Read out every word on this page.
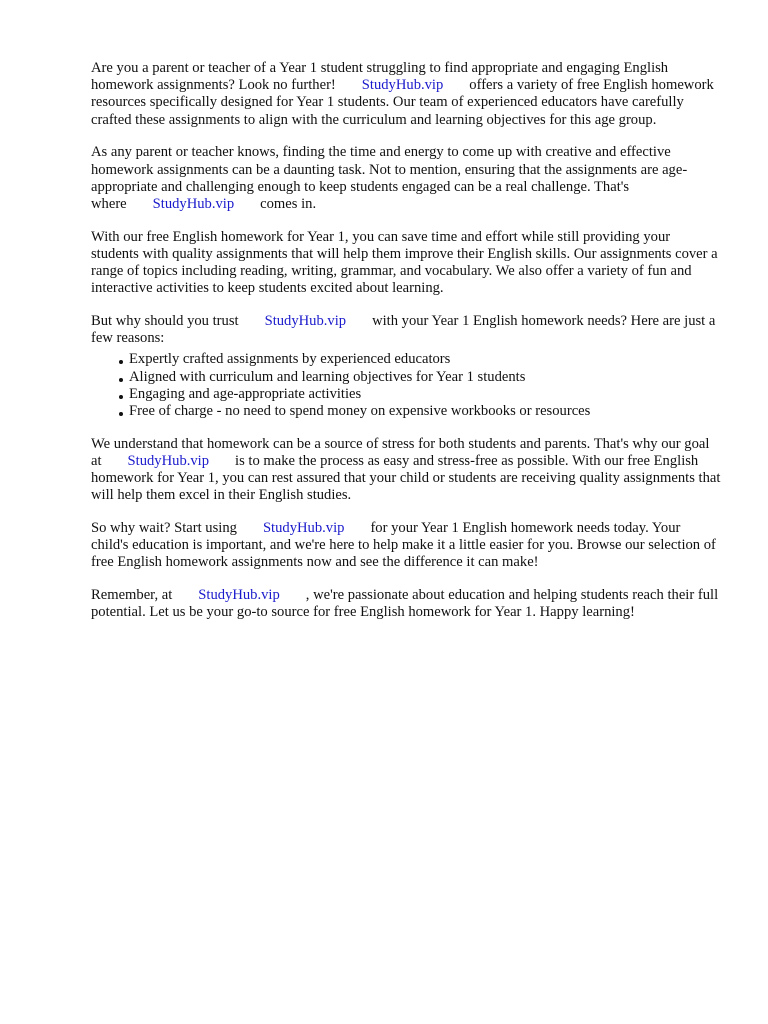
Are you a parent or teacher of a Year 1 student struggling to find appropriate and engaging English homework assignments? Look no further! StudyHub.vip offers a variety of free English homework resources specifically designed for Year 1 students. Our team of experienced educators have carefully crafted these assignments to align with the curriculum and learning objectives for this age group.

As any parent or teacher knows, finding the time and energy to come up with creative and effective homework assignments can be a daunting task. Not to mention, ensuring that the assignments are age-appropriate and challenging enough to keep students engaged can be a real challenge. That's where StudyHub.vip comes in.

With our free English homework for Year 1, you can save time and effort while still providing your students with quality assignments that will help them improve their English skills. Our assignments cover a range of topics including reading, writing, grammar, and vocabulary. We also offer a variety of fun and interactive activities to keep students excited about learning.

But why should you trust StudyHub.vip with your Year 1 English homework needs? Here are just a few reasons:

Expertly crafted assignments by experienced educators
Aligned with curriculum and learning objectives for Year 1 students
Engaging and age-appropriate activities
Free of charge - no need to spend money on expensive workbooks or resources

We understand that homework can be a source of stress for both students and parents. That's why our goal at StudyHub.vip is to make the process as easy and stress-free as possible. With our free English homework for Year 1, you can rest assured that your child or students are receiving quality assignments that will help them excel in their English studies.

So why wait? Start using StudyHub.vip for your Year 1 English homework needs today. Your child's education is important, and we're here to help make it a little easier for you. Browse our selection of free English homework assignments now and see the difference it can make!

Remember, at StudyHub.vip , we're passionate about education and helping students reach their full potential. Let us be your go-to source for free English homework for Year 1. Happy learning!
